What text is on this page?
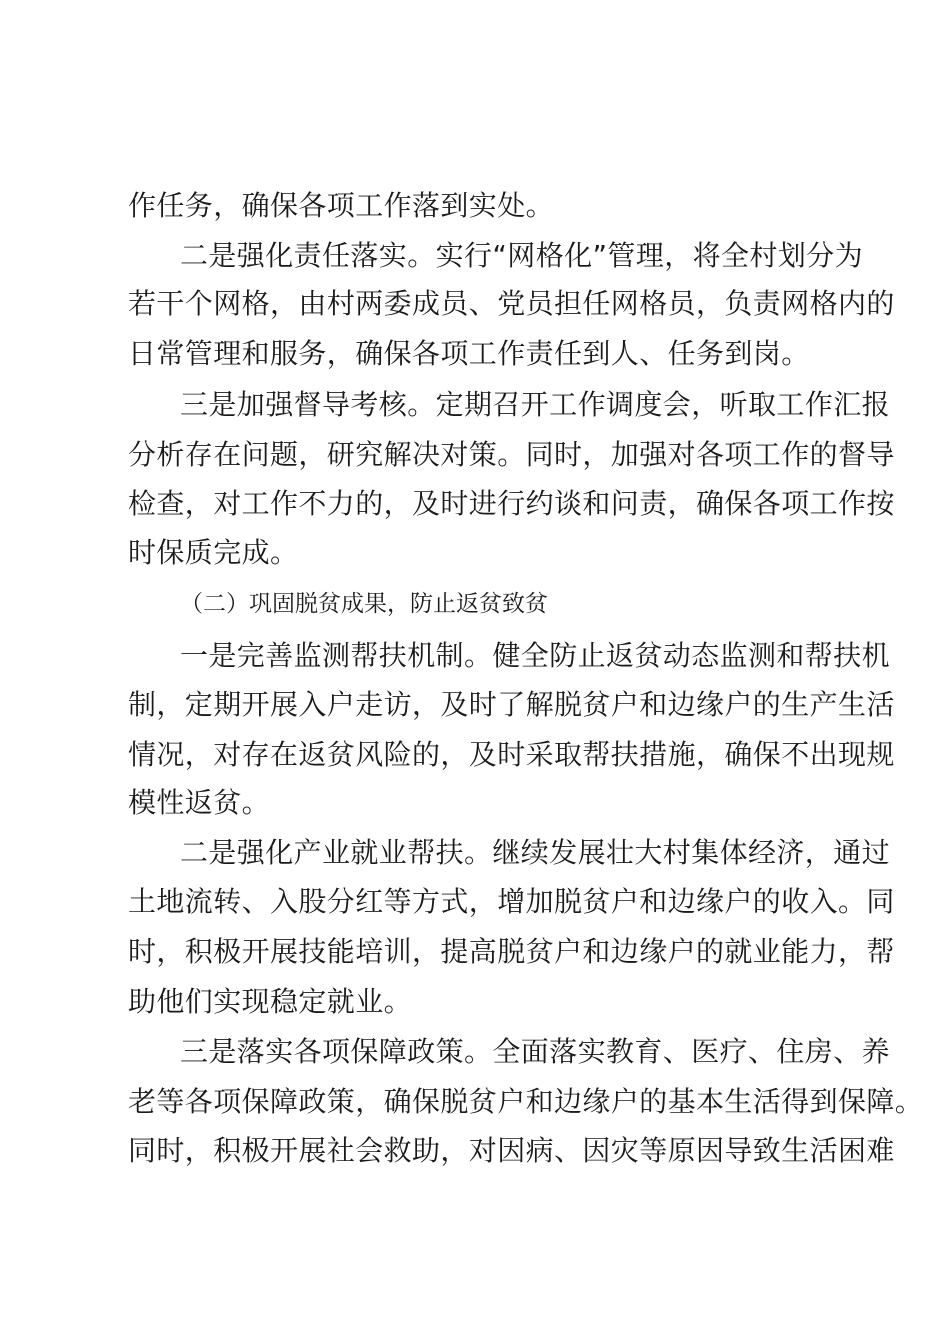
作任务，确保各项工作落到实处。
二是强化责任落实。实行“网格化”管理，将全村划分为
若干个网格，由村两委成员、党员担任网格员，负责网格内的
日常管理和服务，确保各项工作责任到人、任务到岗。
三是加强督导考核。定期召开工作调度会，听取工作汇报
分析存在问题，研究解决对策。同时，加强对各项工作的督导
检查，对工作不力的，及时进行约谈和问责，确保各项工作按
时保质完成。
（二）巩固脱贫成果，防止返贫致贫
一是完善监测帮扶机制。健全防止返贫动态监测和帮扶机
制，定期开展入户走访，及时了解脱贫户和边缘户的生产生活
情况，对存在返贫风险的，及时采取帮扶措施，确保不出现规
模性返贫。
二是强化产业就业帮扶。继续发展壮大村集体经济，通过
土地流转、入股分红等方式，增加脱贫户和边缘户的收入。同
时，积极开展技能培训，提高脱贫户和边缘户的就业能力，帮
助他们实现稳定就业。
三是落实各项保障政策。全面落实教育、医疗、住房、养
老等各项保障政策，确保脱贫户和边缘户的基本生活得到保障。
同时，积极开展社会救助，对因病、因灾等原因导致生活困难
